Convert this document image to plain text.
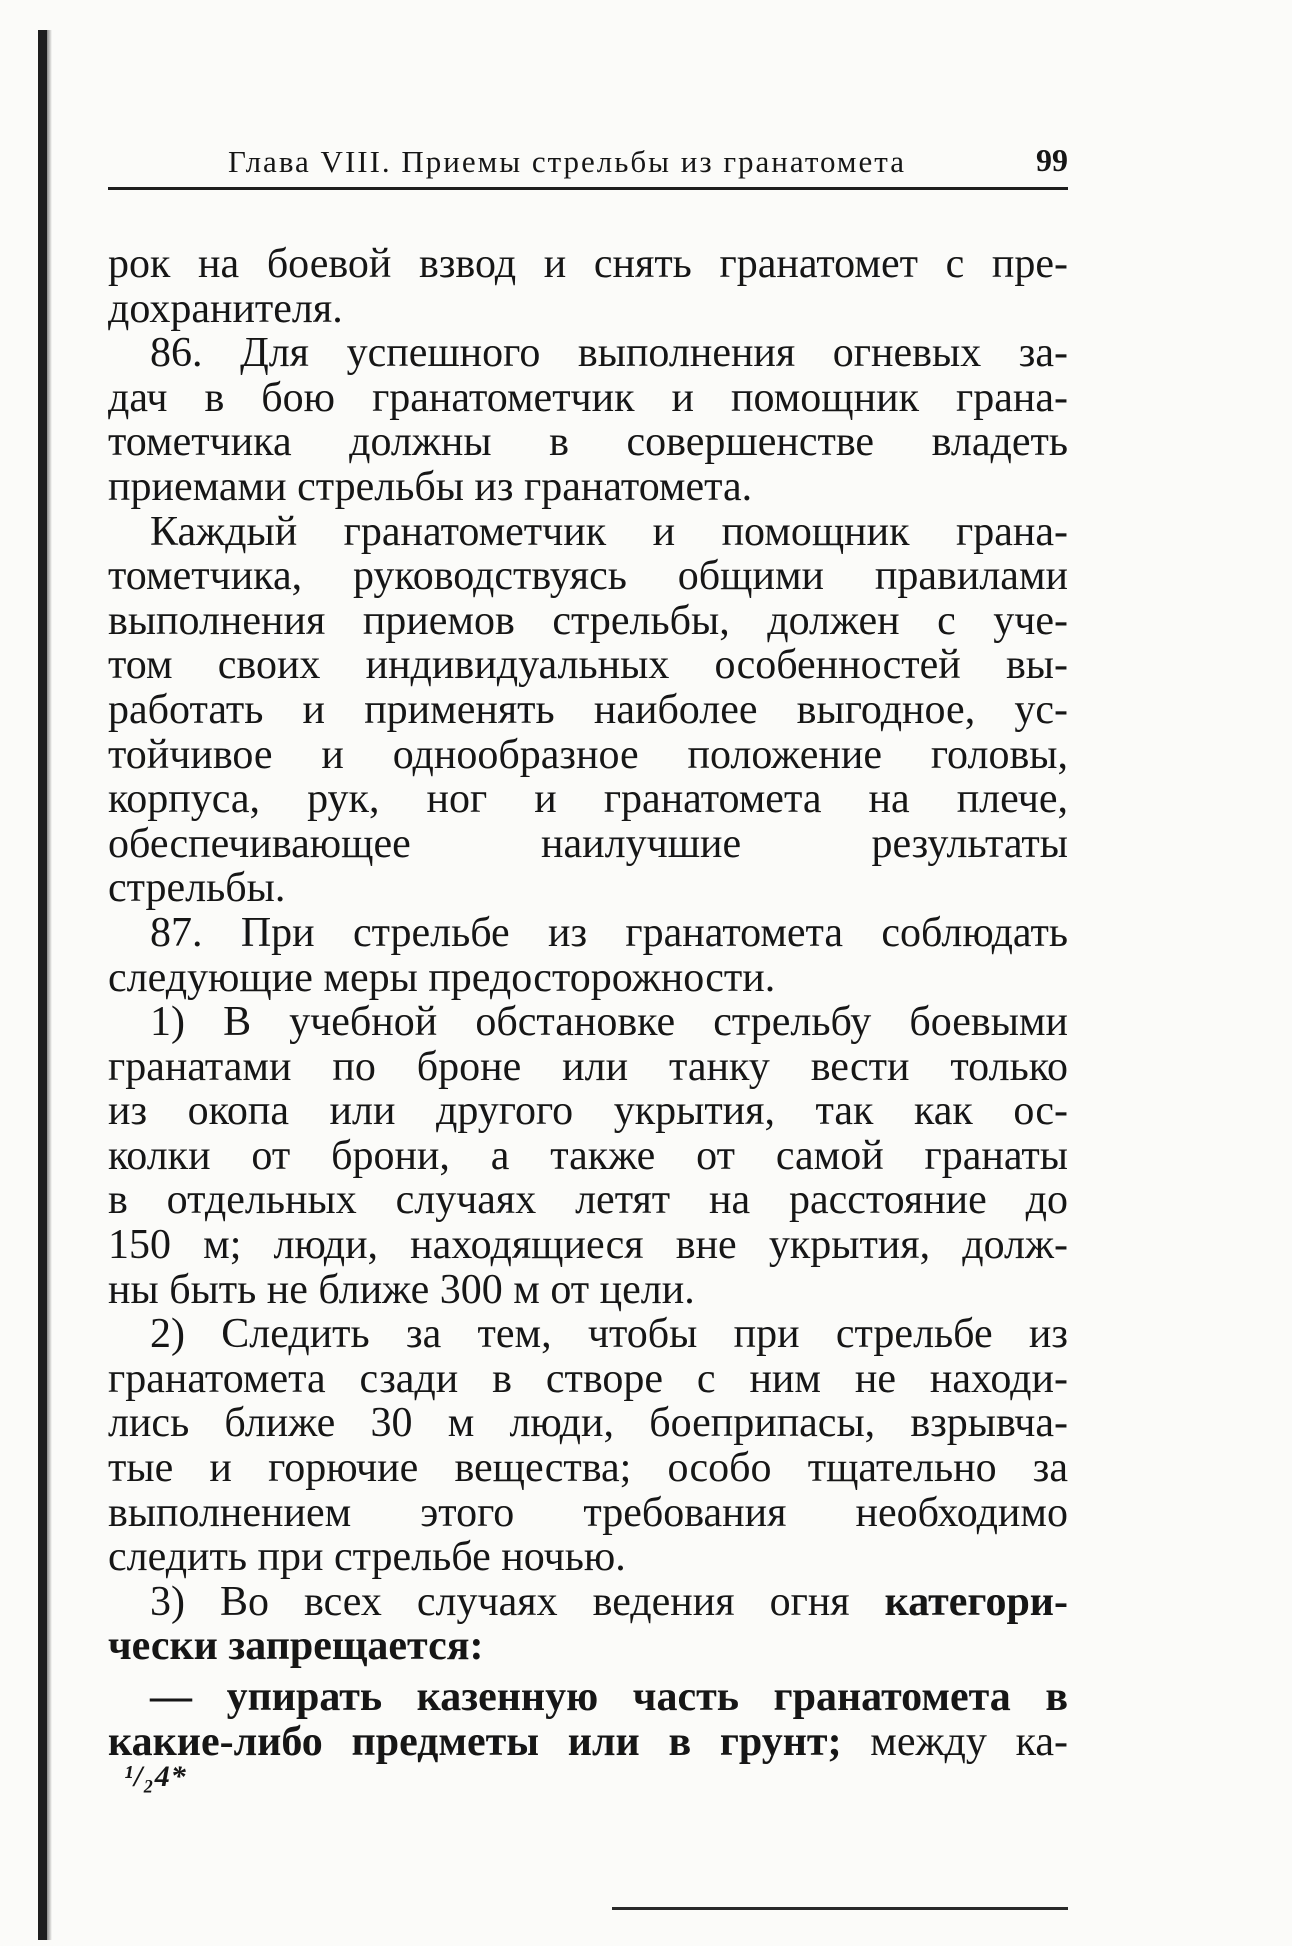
Глава VIII. Приемы стрельбы из гранатомета	99
рок на боевой взвод и снять гранатомет с пре-
дохранителя.
86. Для успешного выполнения огневых за-
дач в бою гранатометчик и помощник грана-
тометчика должны в совершенстве владеть
приемами стрельбы из гранатомета.
Каждый гранатометчик и помощник грана-
тометчика, руководствуясь общими правилами
выполнения приемов стрельбы, должен с уче-
том своих индивидуальных особенностей вы-
работать и применять наиболее выгодное, ус-
тойчивое и однообразное положение головы,
корпуса, рук, ног и гранатомета на плече,
обеспечивающее наилучшие результаты
стрельбы.
87. При стрельбе из гранатомета соблюдать
следующие меры предосторожности.
1) В учебной обстановке стрельбу боевыми
гранатами по броне или танку вести только
из окопа или другого укрытия, так как ос-
колки от брони, а также от самой гранаты
в отдельных случаях летят на расстояние до
150 м; люди, находящиеся вне укрытия, долж-
ны быть не ближе 300 м от цели.
2) Следить за тем, чтобы при стрельбе из
гранатомета сзади в створе с ним не находи-
лись ближе 30 м люди, боеприпасы, взрывча-
тые и горючие вещества; особо тщательно за
выполнением этого требования необходимо
следить при стрельбе ночью.
3) Во всех случаях ведения огня категори-
чески запрещается:
— упирать казенную часть гранатомета в
какие-либо предметы или в грунт; между ка-
¹/₂4*
